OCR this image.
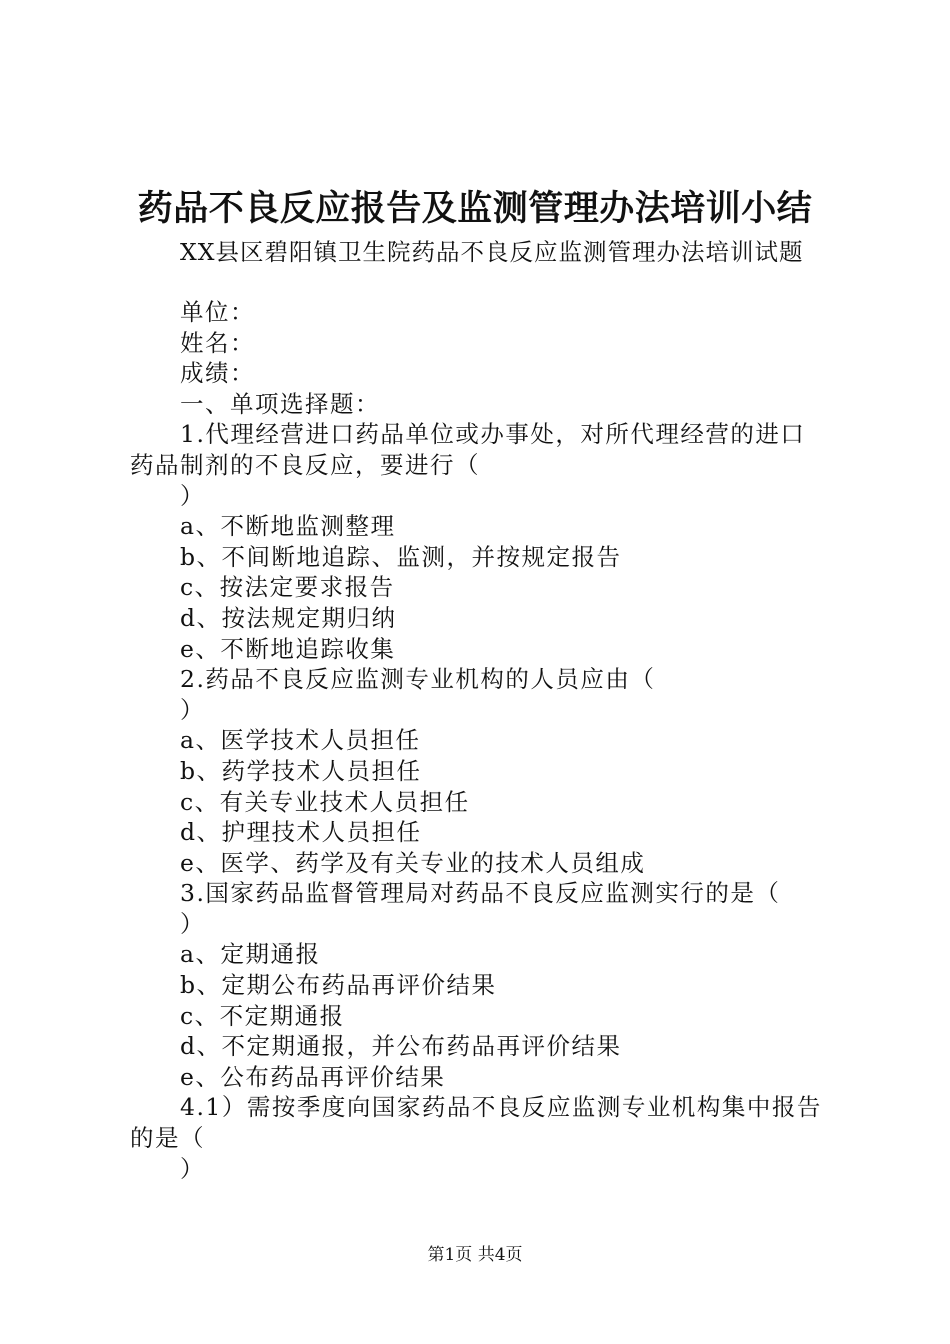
药品不良反应报告及监测管理办法培训小结
XX县区碧阳镇卫生院药品不良反应监测管理办法培训试题
单位：
姓名：
成绩：
一、单项选择题：
1.代理经营进口药品单位或办事处，对所代理经营的进口药品制剂的不良反应，要进行（
）
a、不断地监测整理
b、不间断地追踪、监测，并按规定报告
c、按法定要求报告
d、按法规定期归纳
e、不断地追踪收集
2.药品不良反应监测专业机构的人员应由（
）
a、医学技术人员担任
b、药学技术人员担任
c、有关专业技术人员担任
d、护理技术人员担任
e、医学、药学及有关专业的技术人员组成
3.国家药品监督管理局对药品不良反应监测实行的是（
）
a、定期通报
b、定期公布药品再评价结果
c、不定期通报
d、不定期通报，并公布药品再评价结果
e、公布药品再评价结果
4.1）需按季度向国家药品不良反应监测专业机构集中报告的是（
）
第1页 共4页
